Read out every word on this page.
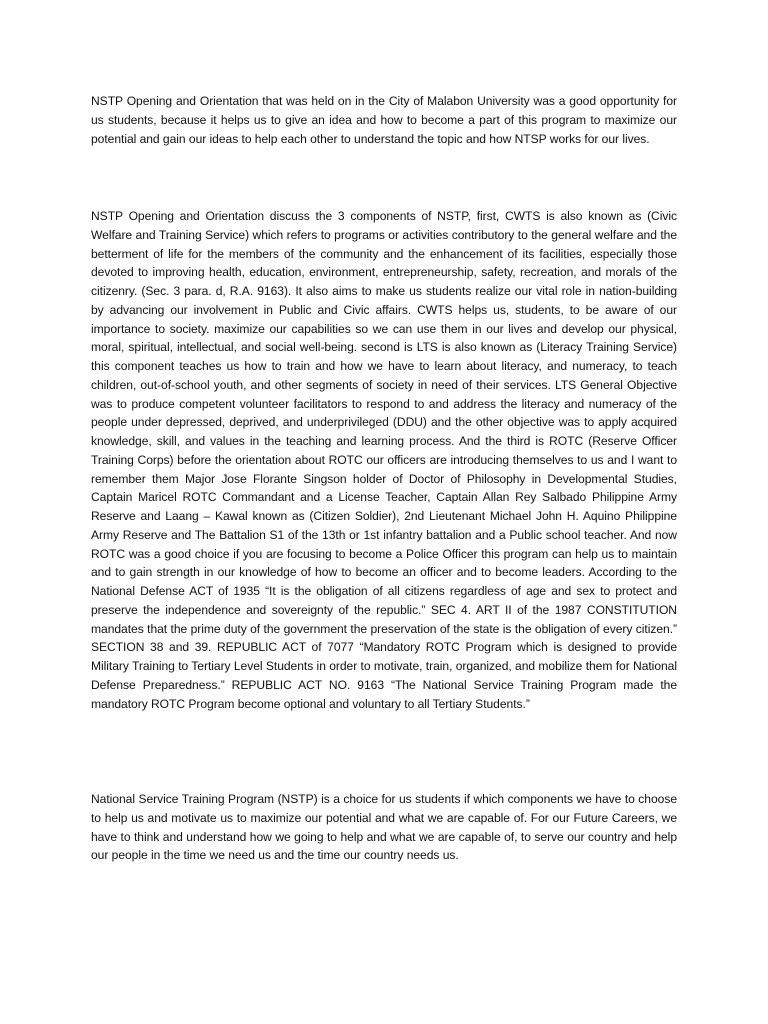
NSTP Opening and Orientation that was held on in the City of Malabon University was a good opportunity for us students, because it helps us to give an idea and how to become a part of this program to maximize our potential and gain our ideas to help each other to understand the topic and how NTSP works for our lives.

NSTP Opening and Orientation discuss the 3 components of NSTP, first, CWTS is also known as (Civic Welfare and Training Service) which refers to programs or activities contributory to the general welfare and the betterment of life for the members of the community and the enhancement of its facilities, especially those devoted to improving health, education, environment, entrepreneurship, safety, recreation, and morals of the citizenry. (Sec. 3 para. d, R.A. 9163). It also aims to make us students realize our vital role in nation-building by advancing our involvement in Public and Civic affairs. CWTS helps us, students, to be aware of our importance to society. maximize our capabilities so we can use them in our lives and develop our physical, moral, spiritual, intellectual, and social well-being. second is LTS is also known as (Literacy Training Service) this component teaches us how to train and how we have to learn about literacy, and numeracy, to teach children, out-of-school youth, and other segments of society in need of their services. LTS General Objective was to produce competent volunteer facilitators to respond to and address the literacy and numeracy of the people under depressed, deprived, and underprivileged (DDU) and the other objective was to apply acquired knowledge, skill, and values in the teaching and learning process. And the third is ROTC (Reserve Officer Training Corps) before the orientation about ROTC our officers are introducing themselves to us and I want to remember them Major Jose Florante Singson holder of Doctor of Philosophy in Developmental Studies, Captain Maricel ROTC Commandant and a License Teacher, Captain Allan Rey Salbado Philippine Army Reserve and Laang – Kawal known as (Citizen Soldier), 2nd Lieutenant Michael John H. Aquino Philippine Army Reserve and The Battalion S1 of the 13th or 1st infantry battalion and a Public school teacher. And now ROTC was a good choice if you are focusing to become a Police Officer this program can help us to maintain and to gain strength in our knowledge of how to become an officer and to become leaders. According to the National Defense ACT of 1935 “It is the obligation of all citizens regardless of age and sex to protect and preserve the independence and sovereignty of the republic.” SEC 4. ART II of the 1987 CONSTITUTION mandates that the prime duty of the government the preservation of the state is the obligation of every citizen.” SECTION 38 and 39. REPUBLIC ACT of 7077 “Mandatory ROTC Program which is designed to provide Military Training to Tertiary Level Students in order to motivate, train, organized, and mobilize them for National Defense Preparedness.” REPUBLIC ACT NO. 9163 “The National Service Training Program made the mandatory ROTC Program become optional and voluntary to all Tertiary Students.”

National Service Training Program (NSTP) is a choice for us students if which components we have to choose to help us and motivate us to maximize our potential and what we are capable of. For our Future Careers, we have to think and understand how we going to help and what we are capable of, to serve our country and help our people in the time we need us and the time our country needs us.
